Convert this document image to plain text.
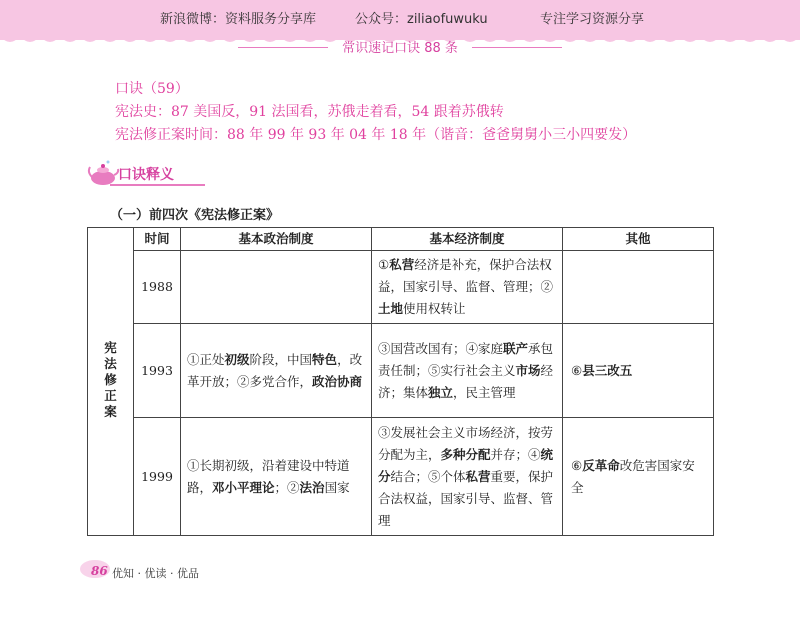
新浪微博：资料服务分享库	公众号：ziliaofuwuku	专注学习资源分享
常识速记口诀 88 条
口诀（59）
宪法史：87 美国反，91 法国看，苏俄走着看，54 跟着苏俄转
宪法修正案时间：88 年 99 年 93 年 04 年 18 年（谐音：爸爸舅舅小三小四要发）
口诀释义
（一）前四次《宪法修正案》
宪法修正案	时间	基本政治制度	基本经济制度	其他
	1988		①私营经济是补充，保护合法权益，国家引导、监督、管理；②土地使用权转让	
	1993	①正处初级阶段，中国特色，改革开放；②多党合作，政治协商	③国营改国有；④家庭联产承包责任制；⑤实行社会主义市场经济；集体独立，民主管理	⑥县三改五
	1999	①长期初级，沿着建设中特道路，邓小平理论；②法治国家	③发展社会主义市场经济，按劳分配为主，多种分配并存；④统分结合；⑤个体私营重要，保护合法权益，国家引导、监督、管理	⑥反革命改危害国家安全
86 优知 · 优读 · 优品
